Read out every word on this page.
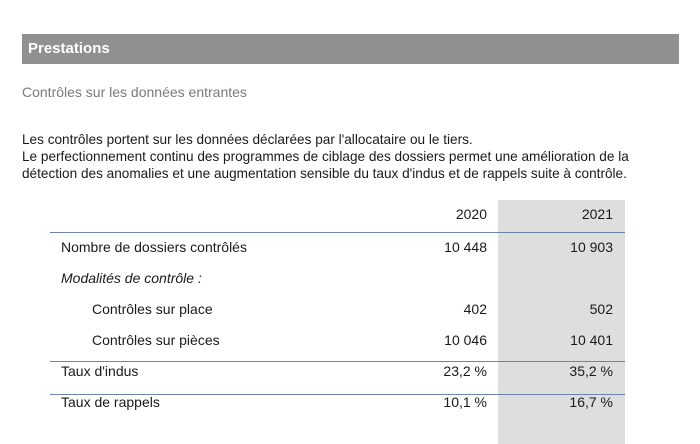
Prestations
Contrôles sur les données entrantes

Les contrôles portent sur les données déclarées par l'allocataire ou le tiers.

Le perfectionnement continu des programmes de ciblage des dossiers permet une amélioration de la

détection des anomalies et une augmentation sensible du taux d'indus et de rappels suite à contrôle.

2020	2021
Nombre de dossiers contrôlés	10 448	10 903
Modalités de contrôle :
Contrôles sur place	402	502
Contrôles sur pièces	10 046	10 401
Taux d'indus	23,2 %	35,2 %
Taux de rappels	10,1 %	16,7 %
